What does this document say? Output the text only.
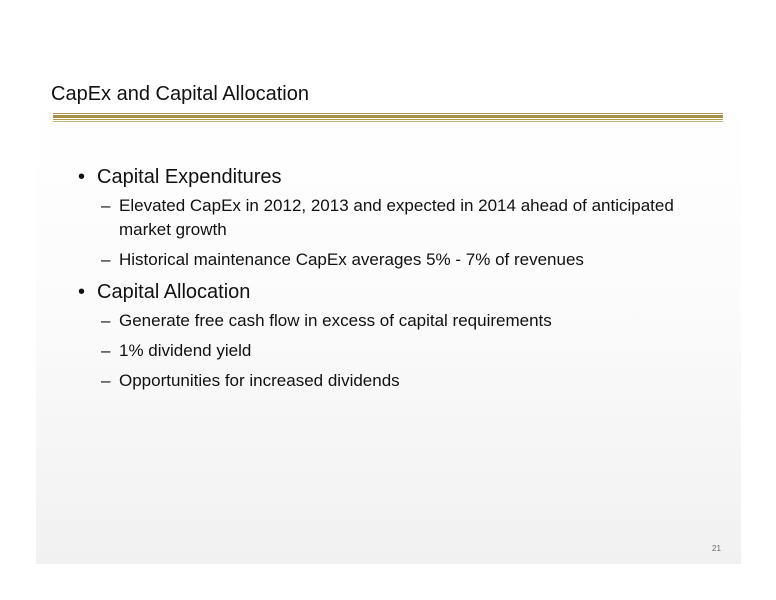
CapEx and Capital Allocation

• Capital Expenditures

– Elevated CapEx in 2012, 2013 and expected in 2014 ahead of anticipated market growth

– Historical maintenance CapEx averages 5% - 7% of revenues

• Capital Allocation

– Generate free cash flow in excess of capital requirements

– 1% dividend yield

– Opportunities for increased dividends

21
